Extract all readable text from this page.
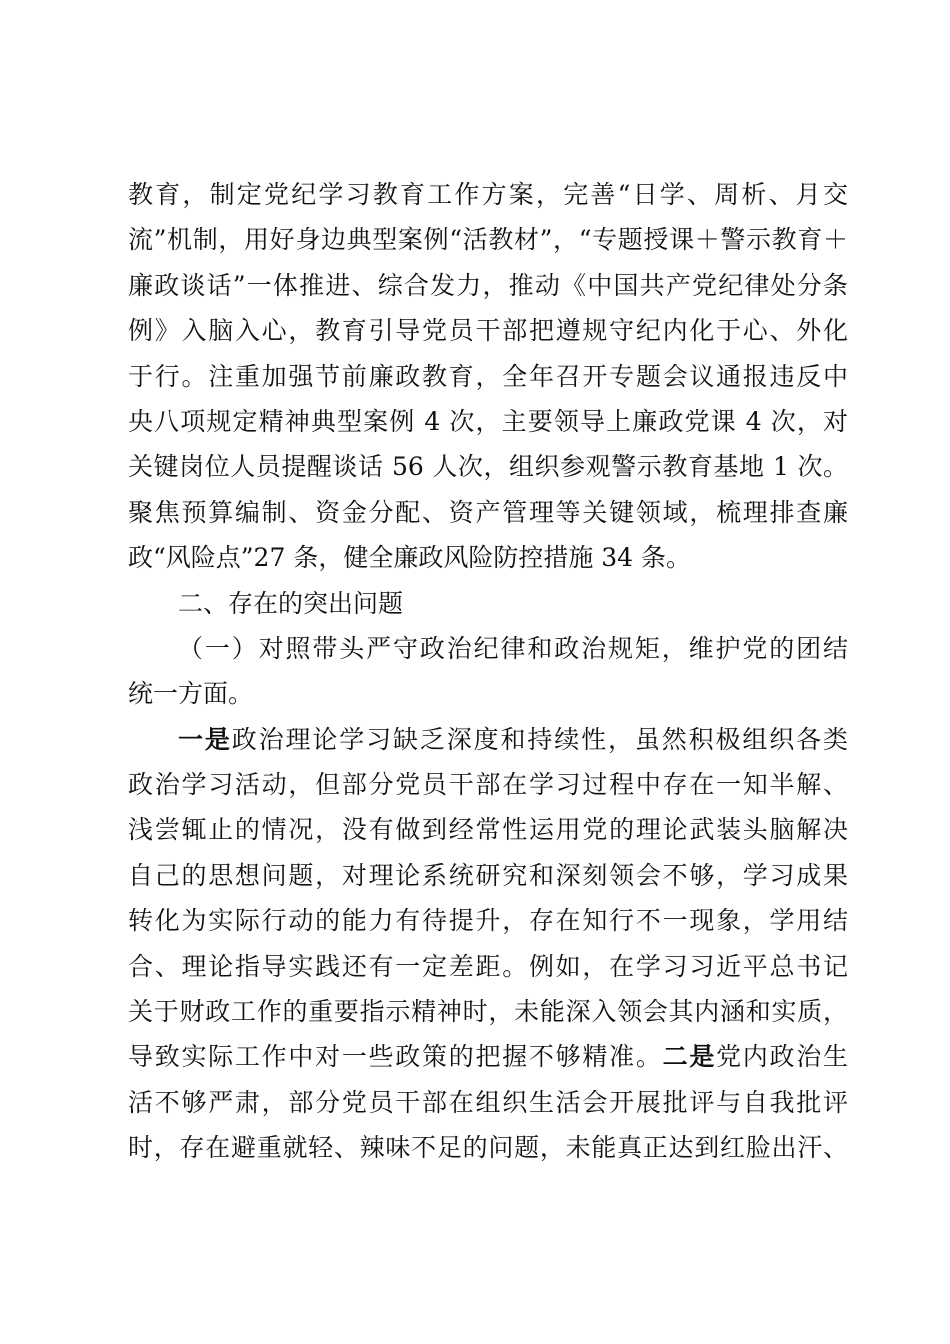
教育，制定党纪学习教育工作方案，完善“日学、周析、月交
流”机制，用好身边典型案例“活教材”，“专题授课＋警示教育＋
廉政谈话”一体推进、综合发力，推动《中国共产党纪律处分条
例》入脑入心，教育引导党员干部把遵规守纪内化于心、外化
于行。注重加强节前廉政教育，全年召开专题会议通报违反中
央八项规定精神典型案例 4 次，主要领导上廉政党课 4 次，对
关键岗位人员提醒谈话 56 人次，组织参观警示教育基地 1 次。
聚焦预算编制、资金分配、资产管理等关键领域，梳理排查廉
政“风险点”27 条，健全廉政风险防控措施 34 条。
二、存在的突出问题
（一）对照带头严守政治纪律和政治规矩，维护党的团结
统一方面。
一是政治理论学习缺乏深度和持续性，虽然积极组织各类
政治学习活动，但部分党员干部在学习过程中存在一知半解、
浅尝辄止的情况，没有做到经常性运用党的理论武装头脑解决
自己的思想问题，对理论系统研究和深刻领会不够，学习成果
转化为实际行动的能力有待提升，存在知行不一现象，学用结
合、理论指导实践还有一定差距。例如，在学习习近平总书记
关于财政工作的重要指示精神时，未能深入领会其内涵和实质，
导致实际工作中对一些政策的把握不够精准。二是党内政治生
活不够严肃，部分党员干部在组织生活会开展批评与自我批评
时，存在避重就轻、辣味不足的问题，未能真正达到红脸出汗、
